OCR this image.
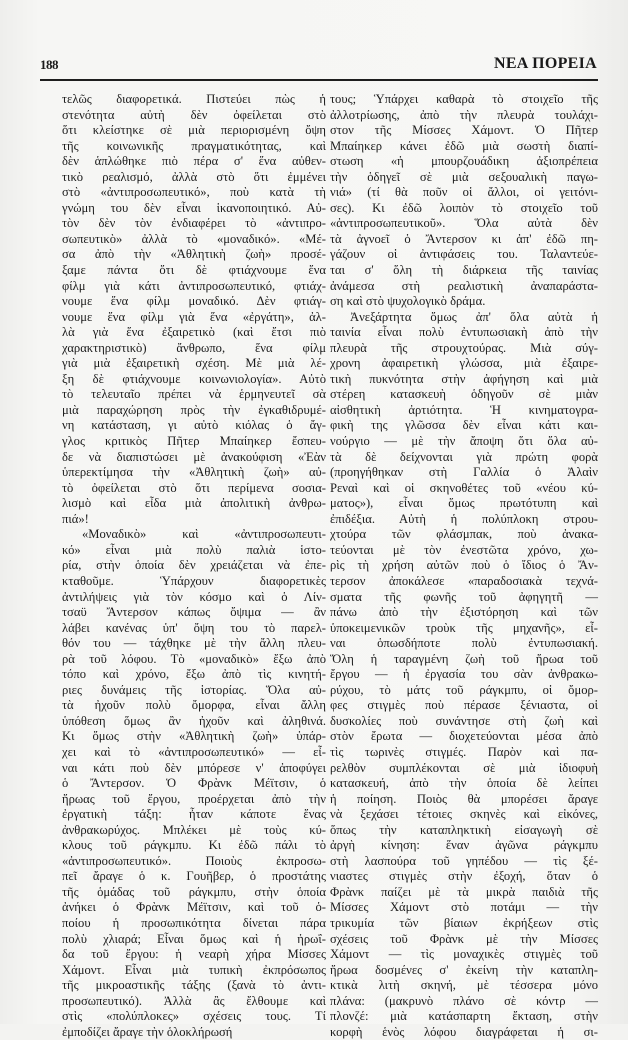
188	ΝΕΑ ΠΟΡΕΙΑ
τελῶς διαφορετικά. Πιστεύει πὼς ἡ
στενότητα αὐτὴ δὲν ὀφείλεται στὸ
ὅτι κλείστηκε σὲ μιὰ περιορισμένη ὄψη
τῆς κοινωνικῆς πραγματικότητας, καὶ
δὲν ἁπλώθηκε πιὸ πέρα σ' ἕνα αὐθεν-
τικὸ ρεαλισμό, ἀλλὰ στὸ ὅτι ἐμμένει
στὸ «ἀντιπροσωπευτικό», ποὺ κατὰ τὴ
γνώμη του δὲν εἶναι ἱκανοποιητικό. Αὐ-
τὸν δὲν τὸν ἐνδιαφέρει τὸ «ἀντιπρο-
σωπευτικὸ» ἀλλὰ τὸ «μοναδικό». «Μέ-
σα ἀπὸ τὴν «Ἀθλητικὴ ζωὴ» προσέ-
ξαμε πάντα ὅτι δὲ φτιάχνουμε ἕνα
φίλμ γιὰ κάτι ἀντιπροσωπευτικό, φτιάχ-
νουμε ἕνα φίλμ μοναδικό. Δὲν φτιάγ-
νουμε ἕνα φίλμ γιὰ ἕνα «ἐργάτη», ἀλ-
λὰ γιὰ ἕνα ἐξαιρετικὸ (καὶ ἔτσι πιὸ
χαρακτηριστικὸ) ἄνθρωπο, ἕνα φίλμ
γιὰ μιὰ ἐξαιρετικὴ σχέση. Μὲ μιὰ λέ-
ξη δὲ φτιάχνουμε κοινωνιολογία». Αὐτὸ
τὸ τελευταῖο πρέπει νὰ ἑρμηνευτεῖ σὰ
μιὰ παραχώρηση πρὸς τὴν ἐγκαθιδρυμέ-
νη κατάσταση, γι αὐτὸ κιόλας ὁ ἄγ-
γλος κριτικὸς Πῆτερ Μπαίηκερ ἔσπευ-
δε νὰ διαπιστώσει μὲ ἀνακούφιση «Ἐὰν
ὑπερεκτίμησα τὴν «Ἀθλητικὴ ζωὴ» αὐ-
τὸ ὀφείλεται στὸ ὅτι περίμενα σοσια-
λισμὸ καὶ εἶδα μιὰ ἀπολιτικὴ ἀνθρω-
πιά»!
«Μοναδικὸ» καὶ «ἀντιπροσωπευτι-
κό» εἶναι μιὰ πολὺ παλιὰ ἱστο-
ρία, στὴν ὁποία δὲν χρειάζεται νὰ ἐπε-
κταθοῦμε. Ὑπάρχουν διαφορετικὲς
ἀντιλήψεις γιὰ τὸν κόσμο καὶ ὁ Λίν-
τσαϋ Ἄντερσον κάπως ὄψιμα — ἂν
λάβει κανένας ὑπ' ὄψη του τὸ παρελ-
θόν του — τάχθηκε μὲ τὴν ἄλλη πλευ-
ρὰ τοῦ λόφου. Τὸ «μοναδικὸ» ἔξω ἀπὸ
τόπο καὶ χρόνο, ἔξω ἀπὸ τὶς κινητή-
ριες δυνάμεις τῆς ἱστορίας. Ὅλα αὐ-
τὰ ἠχοῦν πολὺ ὄμορφα, εἶναι ἄλλη
ὑπόθεση ὅμως ἂν ἠχοῦν καὶ ἀληθινά.
Κι ὅμως στὴν «Ἀθλητικὴ ζωὴ» ὑπάρ-
χει καὶ τὸ «ἀντιπροσωπευτικό» — εἶ-
ναι κάτι ποὺ δὲν μπόρεσε ν' ἀποφύγει
ὁ Ἄντερσον. Ὁ Φρὰνκ Μέϊτσιν, ὁ
ἥρωας τοῦ ἔργου, προέρχεται ἀπὸ τὴν
ἐργατικὴ τάξη: ἦταν κάποτε ἕνας
ἀνθρακωρύχος. Μπλέκει μὲ τοὺς κύ-
κλους τοῦ ράγκμπυ. Κι ἐδῶ πάλι τὸ
«ἀντιπροσωπευτικό». Ποιοὺς ἐκπροσω-
πεῖ ἄραγε ὁ κ. Γουῆβερ, ὁ προστάτης
τῆς ὁμάδας τοῦ ράγκμπυ, στὴν ὁποία
ἀνήκει ὁ Φρὰνκ Μέϊτσιν, καὶ τοῦ ὁ-
ποίου ἡ προσωπικότητα δίνεται πάρα
πολὺ χλιαρά; Εἶναι ὅμως καὶ ἡ ἡρωΐ-
δα τοῦ ἔργου: ἡ νεαρὴ χήρα Μίσσες
Χάμοντ. Εἶναι μιὰ τυπικὴ ἐκπρόσωπος
τῆς μικροαστικῆς τάξης (ξανὰ τὸ ἀντι-
προσωπευτικό). Ἀλλὰ ἂς ἔλθουμε καὶ
στὶς «πολύπλοκες» σχέσεις τους. Τί
ἐμποδίζει ἄραγε τὴν ὁλοκλήρωσή
τους; Ὑπάρχει καθαρὰ τὸ στοιχεῖο τῆς
ἀλλοτρίωσης, ἀπὸ τὴν πλευρὰ τουλάχι-
στον τῆς Μίσσες Χάμοντ. Ὁ Πῆτερ
Μπαίηκερ κάνει ἐδῶ μιὰ σωστὴ διαπί-
στωση «ἡ μπουρζουάδικη ἀξιοπρέπεια
τὴν ὁδηγεῖ σὲ μιὰ σεξουαλικὴ παγω-
νιά» (τί θὰ ποῦν οἱ ἄλλοι, οἱ γειτόνι-
σες). Κι ἐδῶ λοιπὸν τὸ στοιχεῖο τοῦ
«ἀντιπροσωπευτικοῦ». Ὅλα αὐτὰ δὲν
τὰ ἀγνοεῖ ὁ Ἄντερσον κι ἀπ' ἐδῶ πη-
γάζουν οἱ ἀντιφάσεις του. Ταλαντεύε-
ται σ' ὅλη τὴ διάρκεια τῆς ταινίας
ἀνάμεσα στὴ ρεαλιστικὴ ἀναπαράστα-
ση καὶ στὸ ψυχολογικὸ δράμα.
Ἀνεξάρτητα ὅμως ἀπ' ὅλα αὐτὰ ἡ
ταινία εἶναι πολὺ ἐντυπωσιακὴ ἀπὸ τὴν
πλευρὰ τῆς στρουχτούρας. Μιὰ σύγ-
χρονη ἀφαιρετικὴ γλώσσα, μιὰ ἐξαιρε-
τικὴ πυκνότητα στὴν ἀφήγηση καὶ μιὰ
στέρεη κατασκευὴ ὁδηγοῦν σὲ μιὰν
αἰσθητικὴ ἀρτιότητα. Ἡ κινηματογρα-
φικὴ της γλῶσσα δὲν εἶναι κάτι και-
νούργιο — μὲ τὴν ἄποψη ὅτι ὅλα αὐ-
τὰ δὲ δείχνονται γιὰ πρώτη φορὰ
(προηγήθηκαν στὴ Γαλλία ὁ Ἀλαὶν
Ρεναὶ καὶ οἱ σκηνοθέτες τοῦ «νέου κύ-
ματος»), εἶναι ὅμως πρωτότυπη καὶ
ἐπιδέξια. Αὐτὴ ἡ πολύπλοκη στρου-
χτούρα τῶν φλάσμπακ, ποὺ ἀνακα-
τεύονται μὲ τὸν ἐνεστῶτα χρόνο, χω-
ρὶς τὴ χρήση αὐτῶν ποὺ ὁ ἴδιος ὁ Ἄν-
τερσον ἀποκάλεσε «παραδοσιακὰ τεχνά-
σματα τῆς φωνῆς τοῦ ἀφηγητῆ —
πάνω ἀπὸ τὴν ἐξιστόρηση καὶ τῶν
ὑποκειμενικῶν τροὺκ τῆς μηχανῆς», εἶ-
ναι ὁπωσδήποτε πολὺ ἐντυπωσιακή.
Ὅλη ἡ ταραγμένη ζωὴ τοῦ ἥρωα τοῦ
ἔργου — ἡ ἐργασία του σὰν ἀνθρακω-
ρύχου, τὸ μάτς τοῦ ράγκμπυ, οἱ ὄμορ-
φες στιγμὲς ποὺ πέρασε ξένιαστα, οἱ
δυσκολίες ποὺ συνάντησε στὴ ζωὴ καὶ
στὸν ἔρωτα — διοχετεύονται μέσα ἀπὸ
τὶς τωρινὲς στιγμές. Παρὸν καὶ πα-
ρελθὸν συμπλέκονται σὲ μιὰ ἰδιοφυὴ
κατασκευή, ἀπὸ τὴν ὁποία δὲ λείπει
ἡ ποίηση. Ποιὸς θὰ μπορέσει ἄραγε
νὰ ξεχάσει τέτοιες σκηνὲς καὶ εἰκόνες,
ὅπως τὴν καταπληκτικὴ εἰσαγωγὴ σὲ
ἀργὴ κίνηση: ἕναν ἀγῶνα ράγκμπυ
στὴ λασπούρα τοῦ γηπέδου — τὶς ξέ-
νιαστες στιγμὲς στὴν ἐξοχή, ὅταν ὁ
Φρὰνκ παίζει μὲ τὰ μικρὰ παιδιὰ τῆς
Μίσσες Χάμοντ στὸ ποτάμι — τὴν
τρικυμία τῶν βίαιων ἐκρήξεων στὶς
σχέσεις τοῦ Φρὰνκ μὲ τὴν Μίσσες
Χάμοντ — τὶς μοναχικὲς στιγμὲς τοῦ
ἥρωα δοσμένες σ' ἐκείνη τὴν καταπλη-
κτικὰ λιτὴ σκηνή, μὲ τέσσερα μόνο
πλάνα: (μακρυνὸ πλάνο σὲ κόντρ —
πλονζέ: μιὰ κατάσπαρτη ἔκταση, στὴν
κορφὴ ἑνὸς λόφου διαγράφεται ἡ σι-
